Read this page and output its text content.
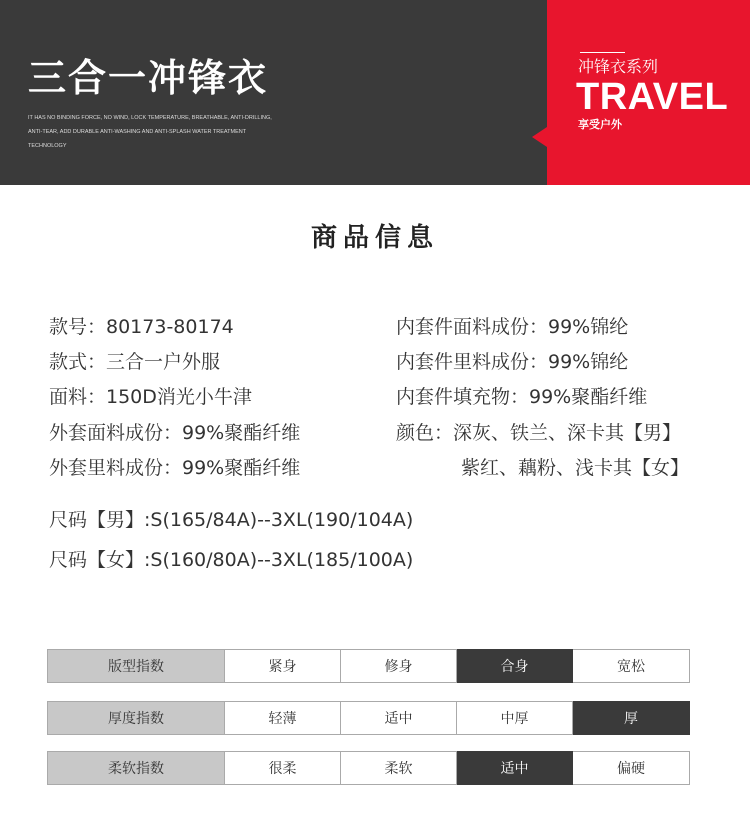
三合一冲锋衣
IT HAS NO BINDING FORCE, NO WIND, LOCK TEMPERATURE, BREATHABLE, ANTI-DRILLING, ANTI-TEAR, ADD DURABLE ANTI-WASHING AND ANTI-SPLASH WATER TREATMENT TECHNOLOGY
冲锋衣系列
TRAVEL
享受户外
商品信息
款号：80173-80174
款式：三合一户外服
面料：150D消光小牛津
外套面料成份：99%聚酯纤维
外套里料成份：99%聚酯纤维
内套件面料成份：99%锦纶
内套件里料成份：99%锦纶
内套件填充物：99%聚酯纤维
颜色：深灰、铁兰、深卡其【男】
紫红、藕粉、浅卡其【女】
尺码【男】:S(165/84A)--3XL(190/104A)
尺码【女】:S(160/80A)--3XL(185/100A)
版型指数	紧身	修身	合身	宽松
厚度指数	轻薄	适中	中厚	厚
柔软指数	很柔	柔软	适中	偏硬
